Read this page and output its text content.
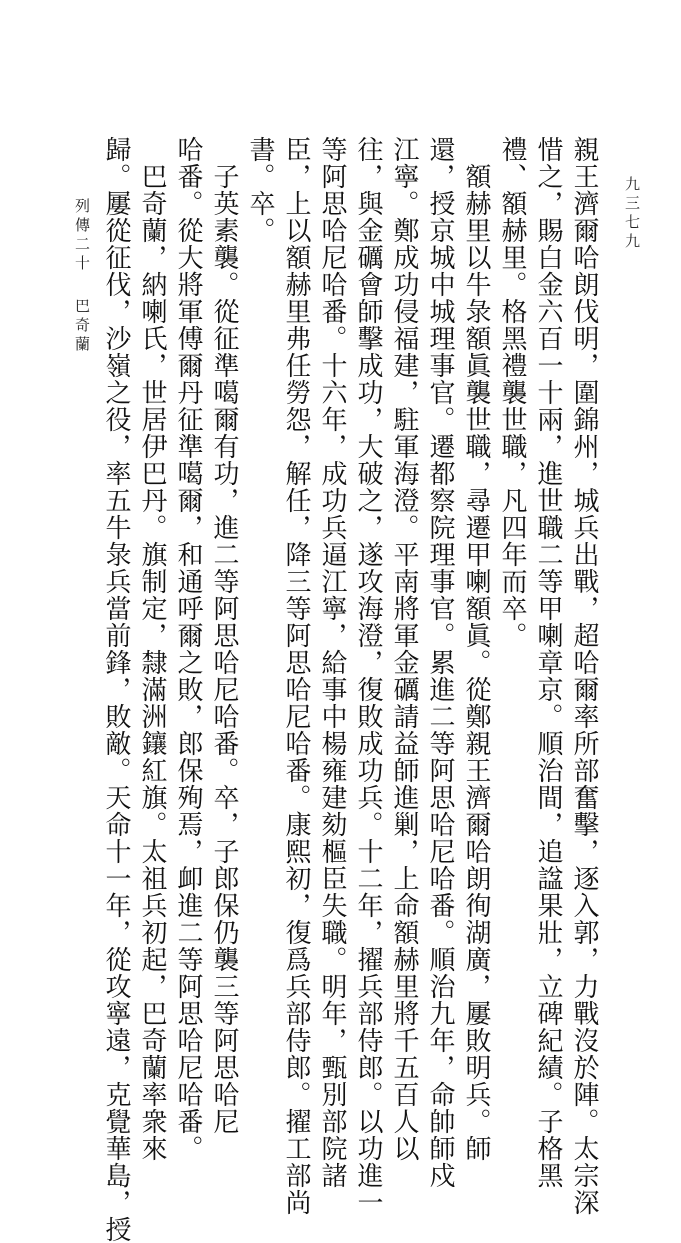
親王濟爾哈朗伐明，圍錦州，城兵出戰，超哈爾率所部奮擊，逐入郭，力戰沒於陣。太宗深
惜之，賜白金六百一十兩，進世職二等甲喇章京。順治間，追諡果壯，立碑紀績。子格黑
禮、額赫里。格黑禮襲世職，凡四年而卒。
額赫里以牛彔額眞襲世職，尋遷甲喇額眞。從鄭親王濟爾哈朗徇湖廣，屢敗明兵。師
還，授京城中城理事官。遷都察院理事官。累進二等阿思哈尼哈番。順治九年，命帥師戍
江寧。鄭成功侵福建，駐軍海澄。平南將軍金礪請益師進剿，上命額赫里將千五百人以
往，與金礪會師擊成功，大破之，遂攻海澄，復敗成功兵。十二年，擢兵部侍郎。以功進一
等阿思哈尼哈番。十六年，成功兵逼江寧，給事中楊雍建劾樞臣失職。明年，甄別部院諸
臣，上以額赫里弗任勞怨，解任，降三等阿思哈尼哈番。康熙初，復爲兵部侍郎。擢工部尚
書。卒。
子英素襲。從征準噶爾有功，進二等阿思哈尼哈番。卒，子郎保仍襲三等阿思哈尼
哈番。從大將軍傅爾丹征準噶爾，和通呼爾之敗，郎保殉焉，卹進二等阿思哈尼哈番。
巴奇蘭，納喇氏，世居伊巴丹。旗制定，隸滿洲鑲紅旗。太祖兵初起，巴奇蘭率衆來
歸。屢從征伐，沙嶺之役，率五牛彔兵當前鋒，敗敵。天命十一年，從攻寧遠，克覺華島，授	九三七九
列傳二十
巴奇蘭
